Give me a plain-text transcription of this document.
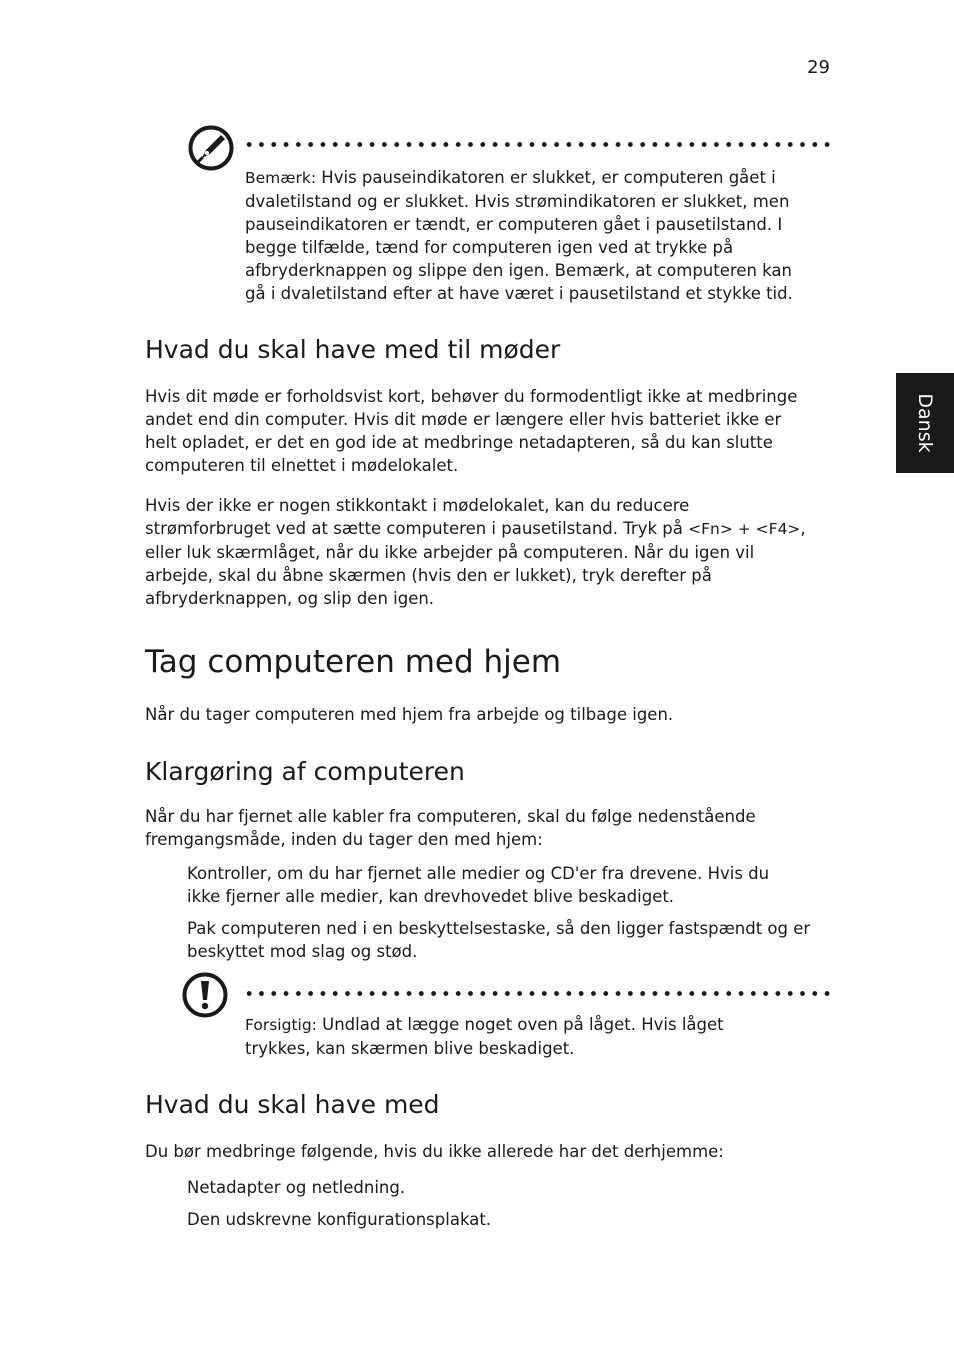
29
Dansk

Bemærk: Hvis pauseindikatoren er slukket, er computeren gået i

dvaletilstand og er slukket. Hvis strømindikatoren er slukket, men

pauseindikatoren er tændt, er computeren gået i pausetilstand. I

begge tilfælde, tænd for computeren igen ved at trykke på

afbryderknappen og slippe den igen. Bemærk, at computeren kan

gå i dvaletilstand efter at have været i pausetilstand et stykke tid.

Hvad du skal have med til møder

Hvis dit møde er forholdsvist kort, behøver du formodentligt ikke at medbringe

andet end din computer. Hvis dit møde er længere eller hvis batteriet ikke er

helt opladet, er det en god ide at medbringe netadapteren, så du kan slutte

computeren til elnettet i mødelokalet.

Hvis der ikke er nogen stikkontakt i mødelokalet, kan du reducere

strømforbruget ved at sætte computeren i pausetilstand. Tryk på <Fn> + <F4>,

eller luk skærmlåget, når du ikke arbejder på computeren. Når du igen vil

arbejde, skal du åbne skærmen (hvis den er lukket), tryk derefter på

afbryderknappen, og slip den igen.

Tag computeren med hjem

Når du tager computeren med hjem fra arbejde og tilbage igen.

Klargøring af computeren

Når du har fjernet alle kabler fra computeren, skal du følge nedenstående

fremgangsmåde, inden du tager den med hjem:

Kontroller, om du har fjernet alle medier og CD'er fra drevene. Hvis du

ikke fjerner alle medier, kan drevhovedet blive beskadiget.

Pak computeren ned i en beskyttelsestaske, så den ligger fastspændt og er

beskyttet mod slag og stød.

Forsigtig: Undlad at lægge noget oven på låget. Hvis låget

trykkes, kan skærmen blive beskadiget.

Hvad du skal have med

Du bør medbringe følgende, hvis du ikke allerede har det derhjemme:

Netadapter og netledning.

Den udskrevne konfigurationsplakat.
